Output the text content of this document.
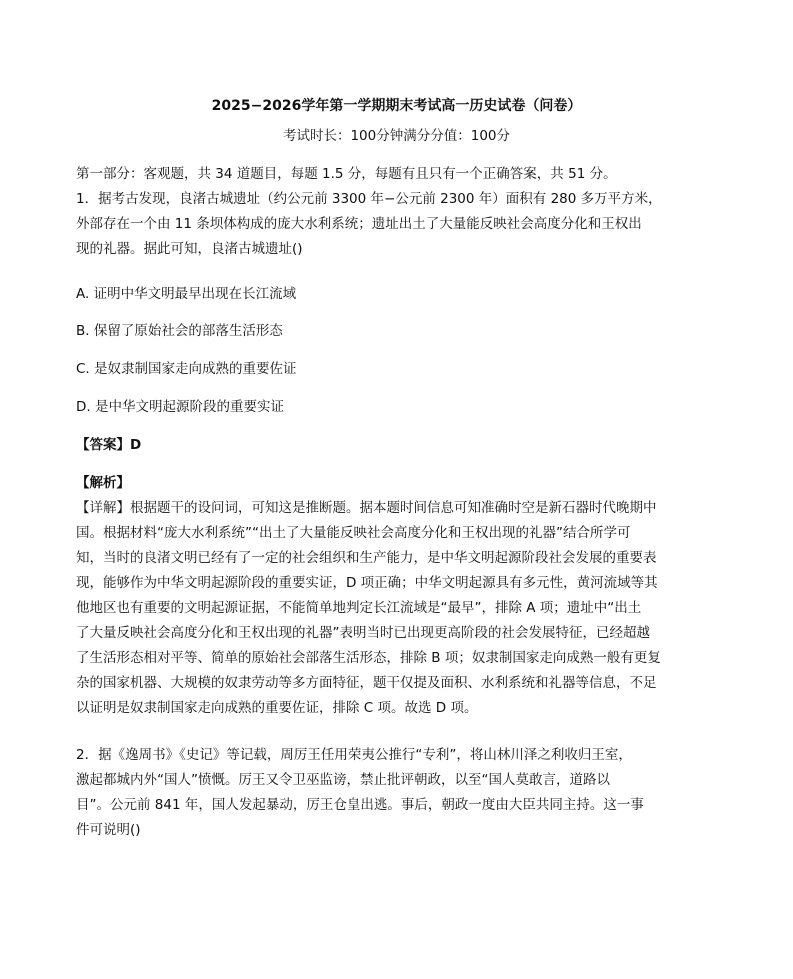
2025−2026学年第一学期期末考试高一历史试卷（问卷）
考试时长：100分钟满分分值：100分
第一部分：客观题，共 34 道题目，每题 1.5 分，每题有且只有一个正确答案，共 51 分。
1．据考古发现，良渚古城遗址（约公元前 3300 年−公元前 2300 年）面积有 280 多万平方米，
外部存在一个由 11 条坝体构成的庞大水利系统；遗址出土了大量能反映社会高度分化和王权出
现的礼器。据此可知，良渚古城遗址()
A. 证明中华文明最早出现在长江流域
B. 保留了原始社会的部落生活形态
C. 是奴隶制国家走向成熟的重要佐证
D. 是中华文明起源阶段的重要实证
【答案】D
【解析】
【详解】根据题干的设问词，可知这是推断题。据本题时间信息可知准确时空是新石器时代晚期中
国。根据材料“庞大水利系统”“出土了大量能反映社会高度分化和王权出现的礼器”结合所学可
知，当时的良渚文明已经有了一定的社会组织和生产能力，是中华文明起源阶段社会发展的重要表
现，能够作为中华文明起源阶段的重要实证，D 项正确；中华文明起源具有多元性，黄河流域等其
他地区也有重要的文明起源证据，不能简单地判定长江流域是“最早”，排除 A 项；遗址中“出土
了大量反映社会高度分化和王权出现的礼器”表明当时已出现更高阶段的社会发展特征，已经超越
了生活形态相对平等、简单的原始社会部落生活形态，排除 B 项；奴隶制国家走向成熟一般有更复
杂的国家机器、大规模的奴隶劳动等多方面特征，题干仅提及面积、水利系统和礼器等信息，不足
以证明是奴隶制国家走向成熟的重要佐证，排除 C 项。故选 D 项。
2．据《逸周书》《史记》等记载，周厉王任用荣夷公推行“专利”，将山林川泽之利收归王室，
激起都城内外“国人”愤慨。厉王又令卫巫监谤，禁止批评朝政，以至“国人莫敢言，道路以
目”。公元前 841 年，国人发起暴动，厉王仓皇出逃。事后，朝政一度由大臣共同主持。这一事
件可说明()
